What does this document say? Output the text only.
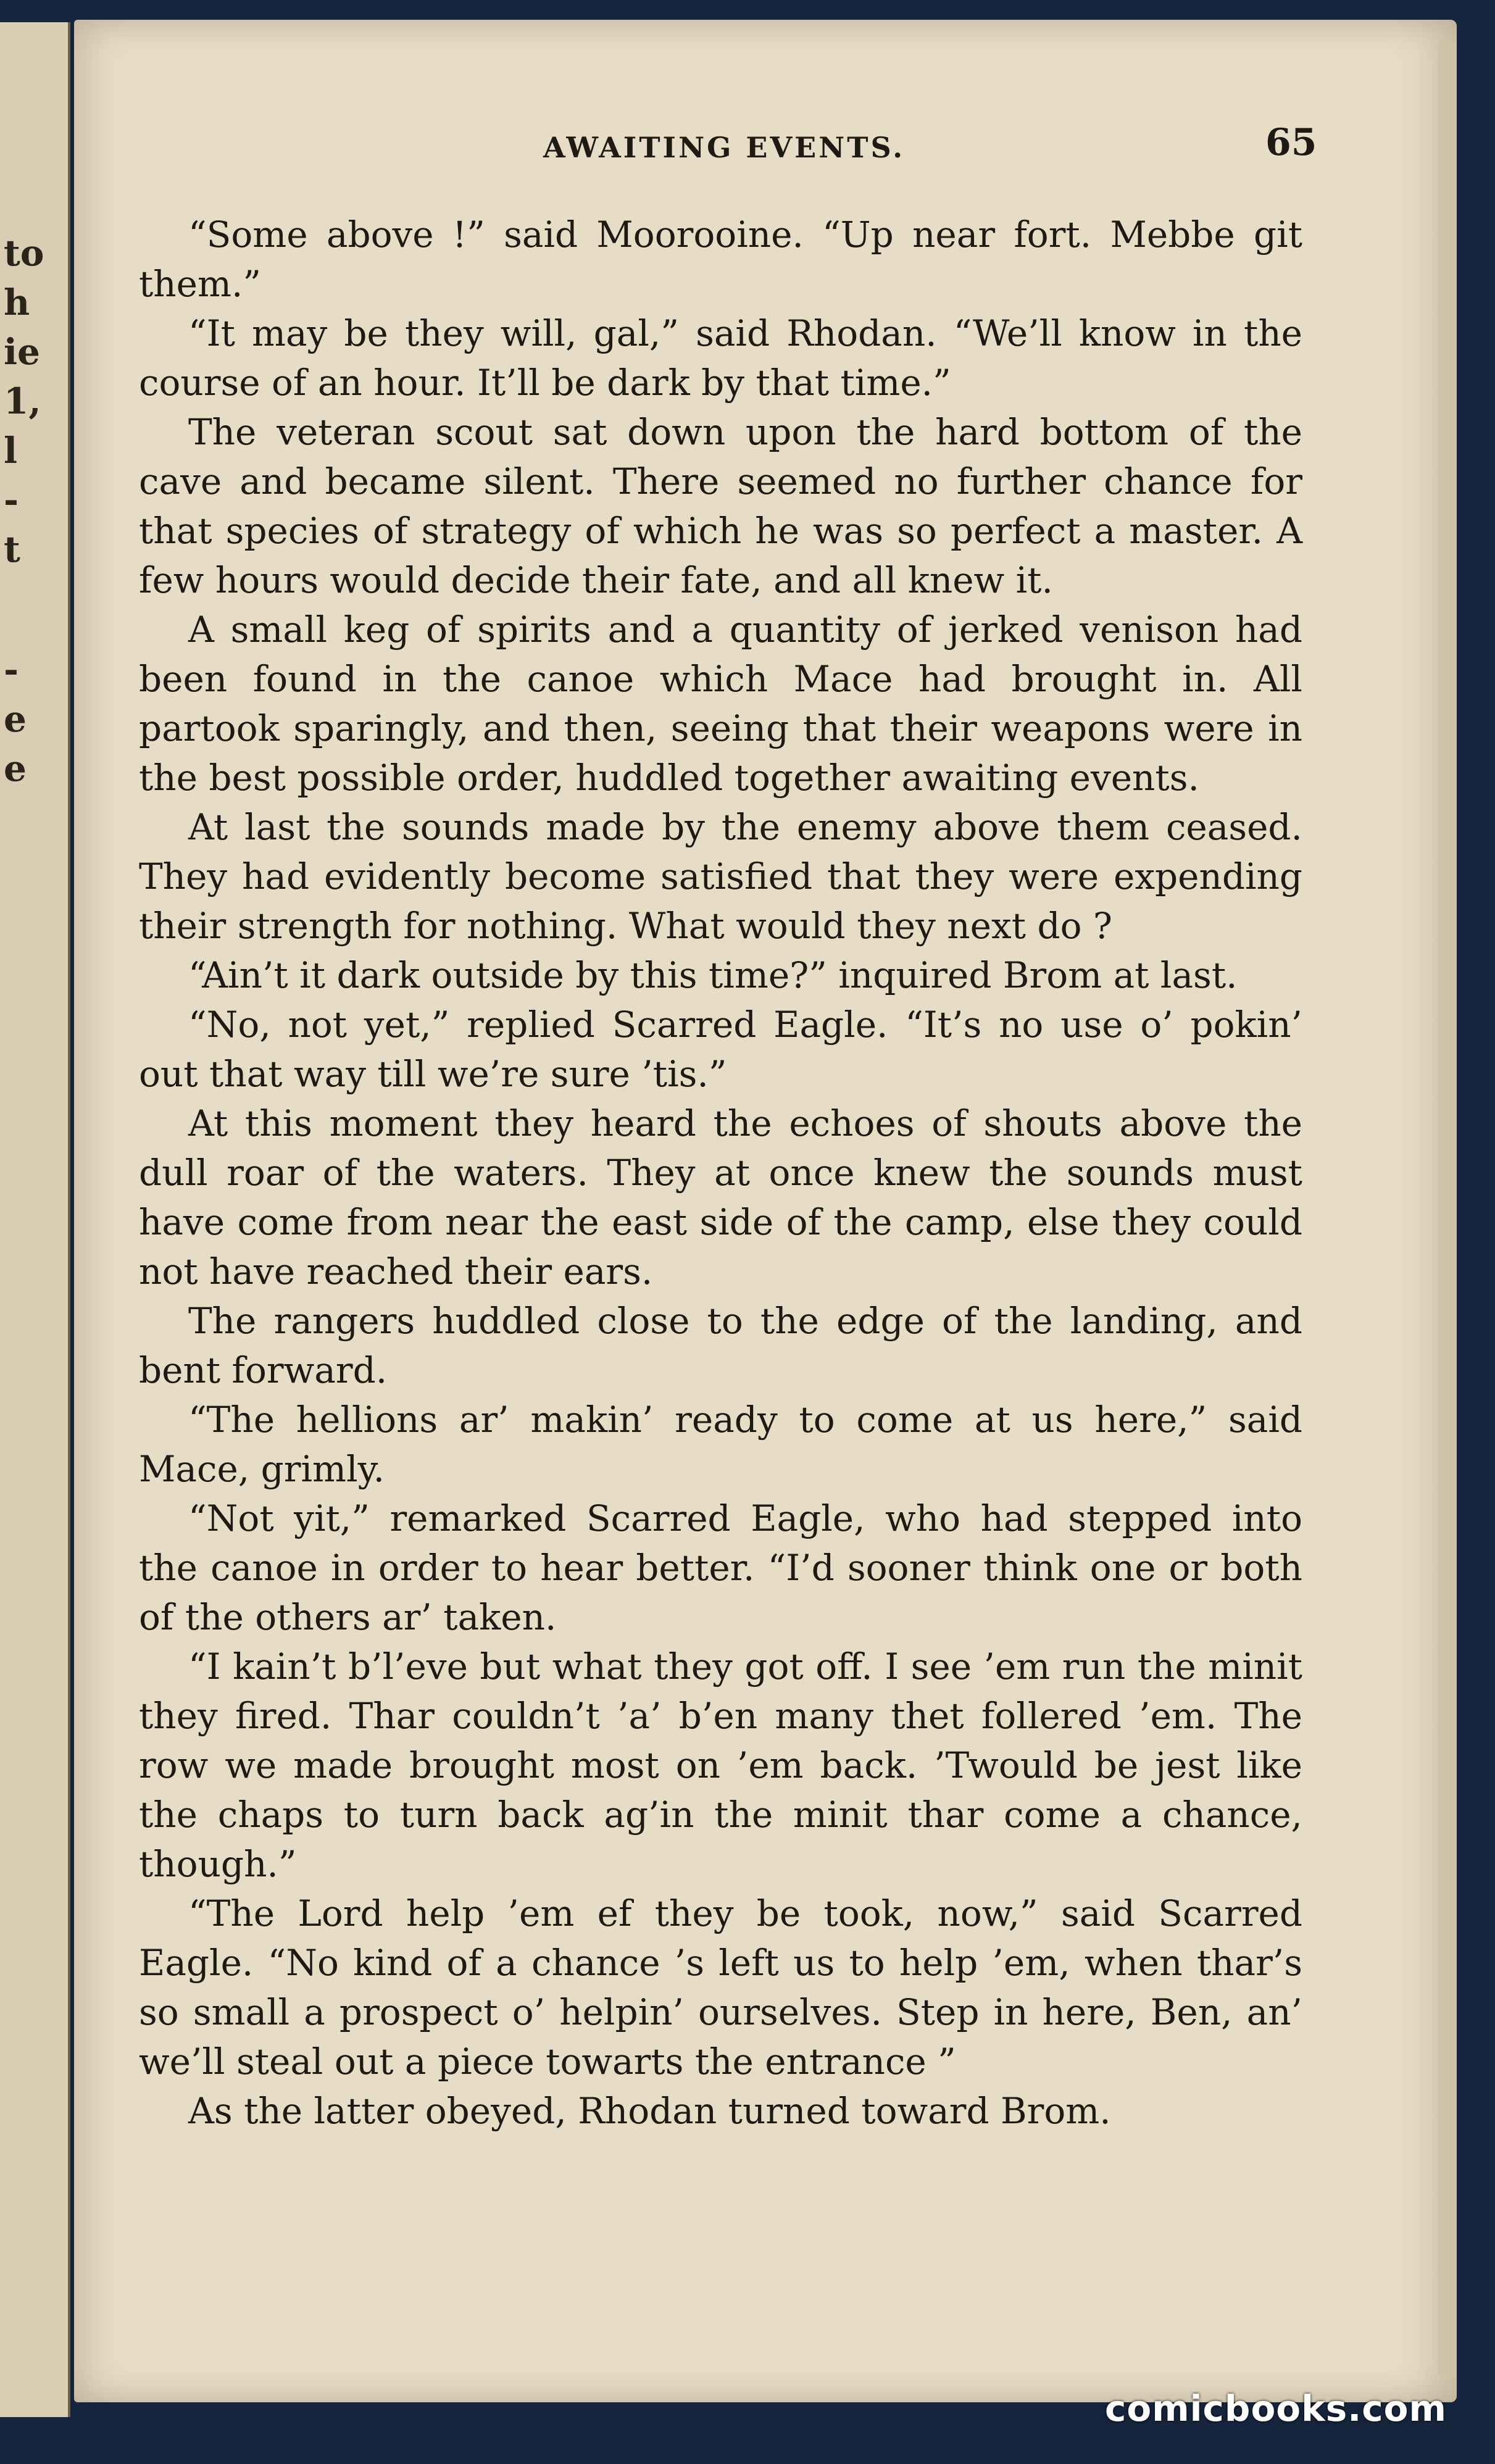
to
h
ie
1,
l
-
t
-
e
e
AWAITING EVENTS.	65

“Some above !” said Moorooine. “Up near fort. Mebbe git them.”

“It may be they will, gal,” said Rhodan. “We’ll know in the course of an hour. It’ll be dark by that time.”

The veteran scout sat down upon the hard bottom of the cave and became silent. There seemed no further chance for that species of strategy of which he was so perfect a master. A few hours would decide their fate, and all knew it.

A small keg of spirits and a quantity of jerked venison had been found in the canoe which Mace had brought in. All partook sparingly, and then, seeing that their weapons were in the best possible order, huddled together awaiting events.

At last the sounds made by the enemy above them ceased. They had evidently become satisfied that they were expending their strength for nothing. What would they next do ?

“Ain’t it dark outside by this time?” inquired Brom at last.

“No, not yet,” replied Scarred Eagle. “It’s no use o’ pokin’ out that way till we’re sure ’tis.”

At this moment they heard the echoes of shouts above the dull roar of the waters. They at once knew the sounds must have come from near the east side of the camp, else they could not have reached their ears.

The rangers huddled close to the edge of the landing, and bent forward.

“The hellions ar’ makin’ ready to come at us here,” said Mace, grimly.

“Not yit,” remarked Scarred Eagle, who had stepped into the canoe in order to hear better. “I’d sooner think one or both of the others ar’ taken.

“I kain’t b’l’eve but what they got off. I see ’em run the minit they fired. Thar couldn’t ’a’ b’en many thet follered ’em. The row we made brought most on ’em back. ’Twould be jest like the chaps to turn back ag’in the minit thar come a chance, though.”

“The Lord help ’em ef they be took, now,” said Scarred Eagle. “No kind of a chance ’s left us to help ’em, when thar’s so small a prospect o’ helpin’ ourselves. Step in here, Ben, an’ we’ll steal out a piece towarts the entrance ”

As the latter obeyed, Rhodan turned toward Brom.

comicbooks.com
